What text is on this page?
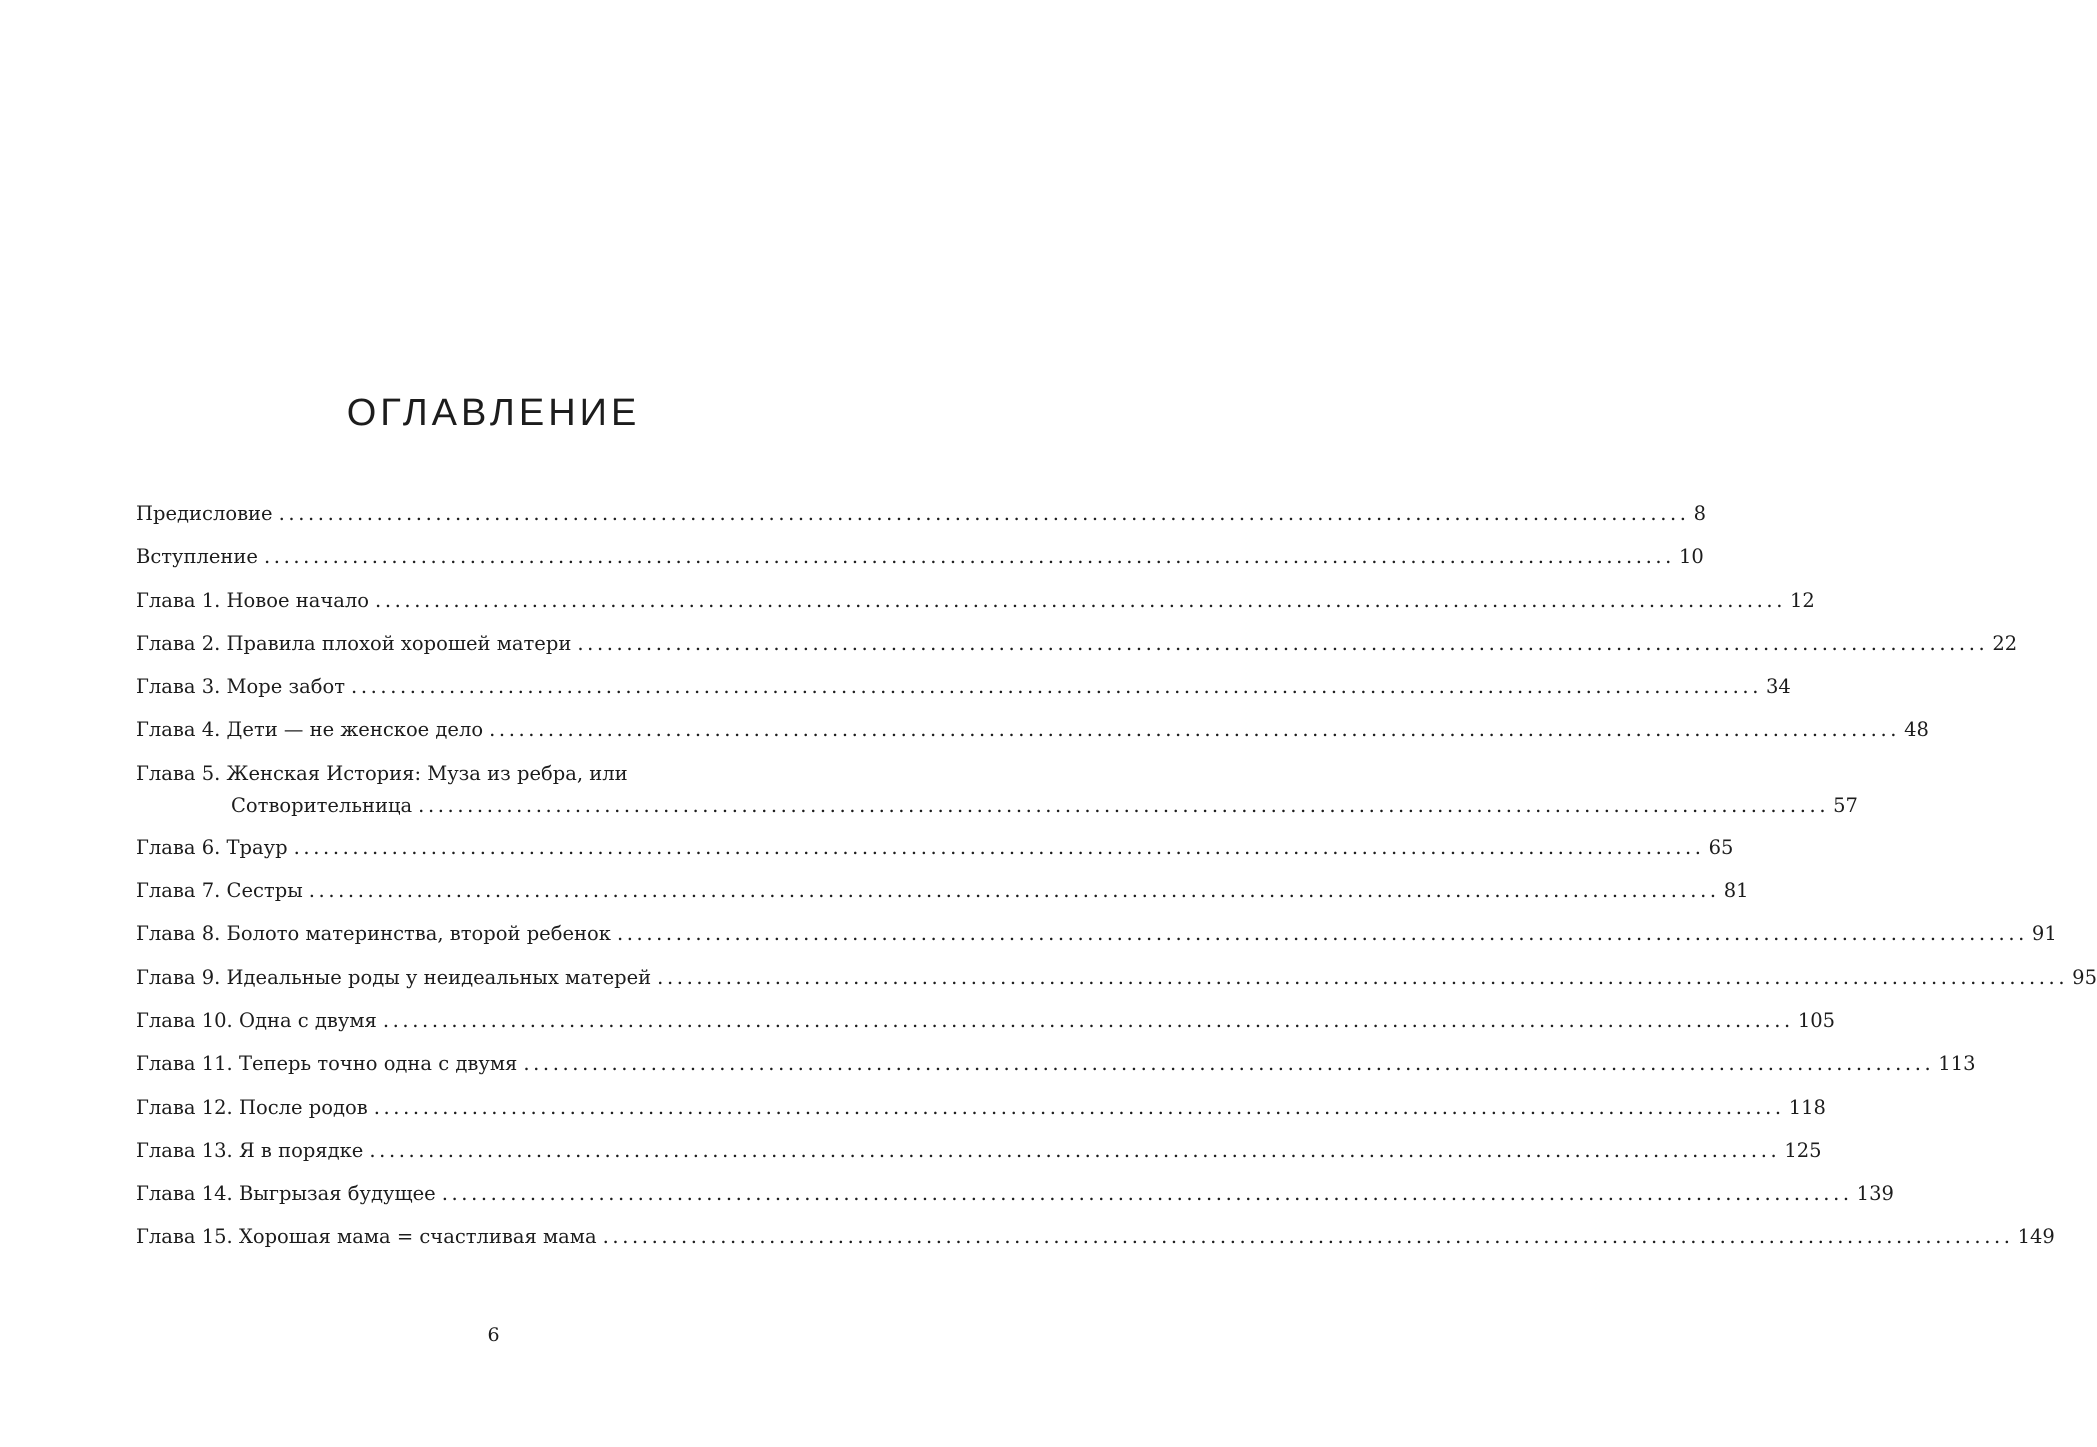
ОГЛАВЛЕНИЕ
Предисловие ................................................................................................................................................ 8
Вступление ................................................................................................................................................ 10
Глава 1.
Новое начало ................................................................................................................................................ 12
Глава 2.
Правила плохой хорошей матери ................................................................................................................................................ 22
Глава 3.
Море забот ................................................................................................................................................ 34
Глава 4.
Дети — не женское дело ................................................................................................................................................ 48
Глава 5.
Женская История: Муза из ребра, или
Сотворительница ................................................................................................................................................ 57
Глава 6.
Траур ................................................................................................................................................ 65
Глава 7.
Сестры ................................................................................................................................................ 81
Глава 8.
Болото материнства, второй ребенок ................................................................................................................................................ 91
Глава 9.
Идеальные роды у неидеальных матерей ................................................................................................................................................ 95
Глава 10.
Одна с двумя ................................................................................................................................................ 105
Глава 11.
Теперь точно одна с двумя ................................................................................................................................................ 113
Глава 12.
После родов ................................................................................................................................................ 118
Глава 13.
Я в порядке ................................................................................................................................................ 125
Глава 14.
Выгрызая будущее ................................................................................................................................................ 139
Глава 15.
Хорошая мама = счастливая мама ................................................................................................................................................ 149
6
